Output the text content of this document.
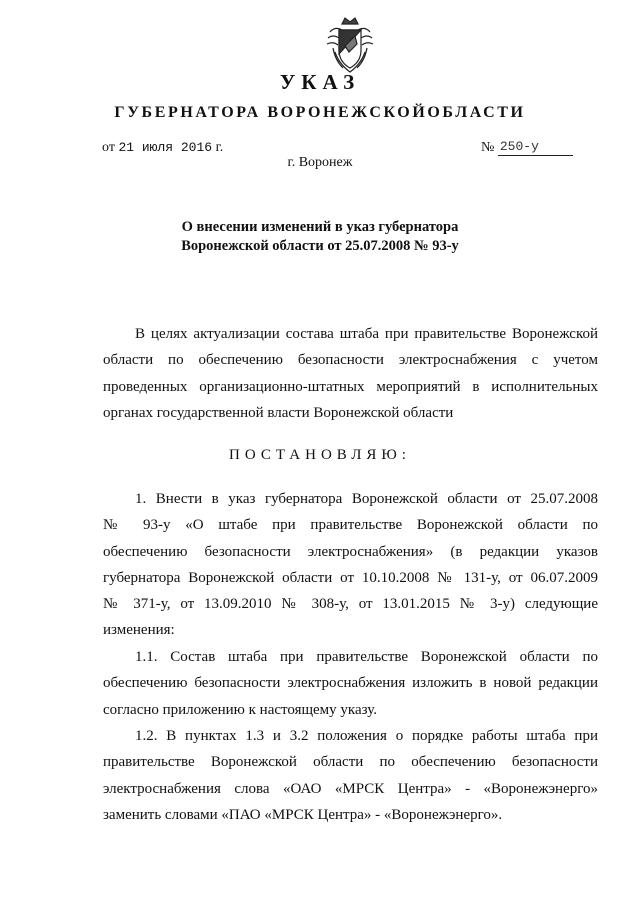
УКАЗ
ГУБЕРНАТОРА ВОРОНЕЖСКОЙОБЛАСТИ
от 21 июля 2016 г.	№ 250-у
г. Воронеж
О внесении изменений в указ губернатора
Воронежской области от 25.07.2008 № 93-у
В целях актуализации состава штаба при правительстве Воронежской
области по обеспечению безопасности электроснабжения с учетом
проведенных организационно-штатных мероприятий в исполнительных
органах государственной власти Воронежской области
ПОСТАНОВЛЯЮ:
1. Внести в указ губернатора Воронежской области от 25.07.2008
№ 93-у «О штабе при правительстве Воронежской области по
обеспечению безопасности электроснабжения» (в редакции указов
губернатора Воронежской области от 10.10.2008 № 131-у, от 06.07.2009
№ 371-у, от 13.09.2010 № 308-у, от 13.01.2015 № 3-у) следующие
изменения:
1.1. Состав штаба при правительстве Воронежской области по
обеспечению безопасности электроснабжения изложить в новой редакции
согласно приложению к настоящему указу.
1.2. В пунктах 1.3 и 3.2 положения о порядке работы штаба при
правительстве Воронежской области по обеспечению безопасности
электроснабжения слова «ОАО «МРСК Центра» - «Воронежэнерго»
заменить словами «ПАО «МРСК Центра» - «Воронежэнерго».
